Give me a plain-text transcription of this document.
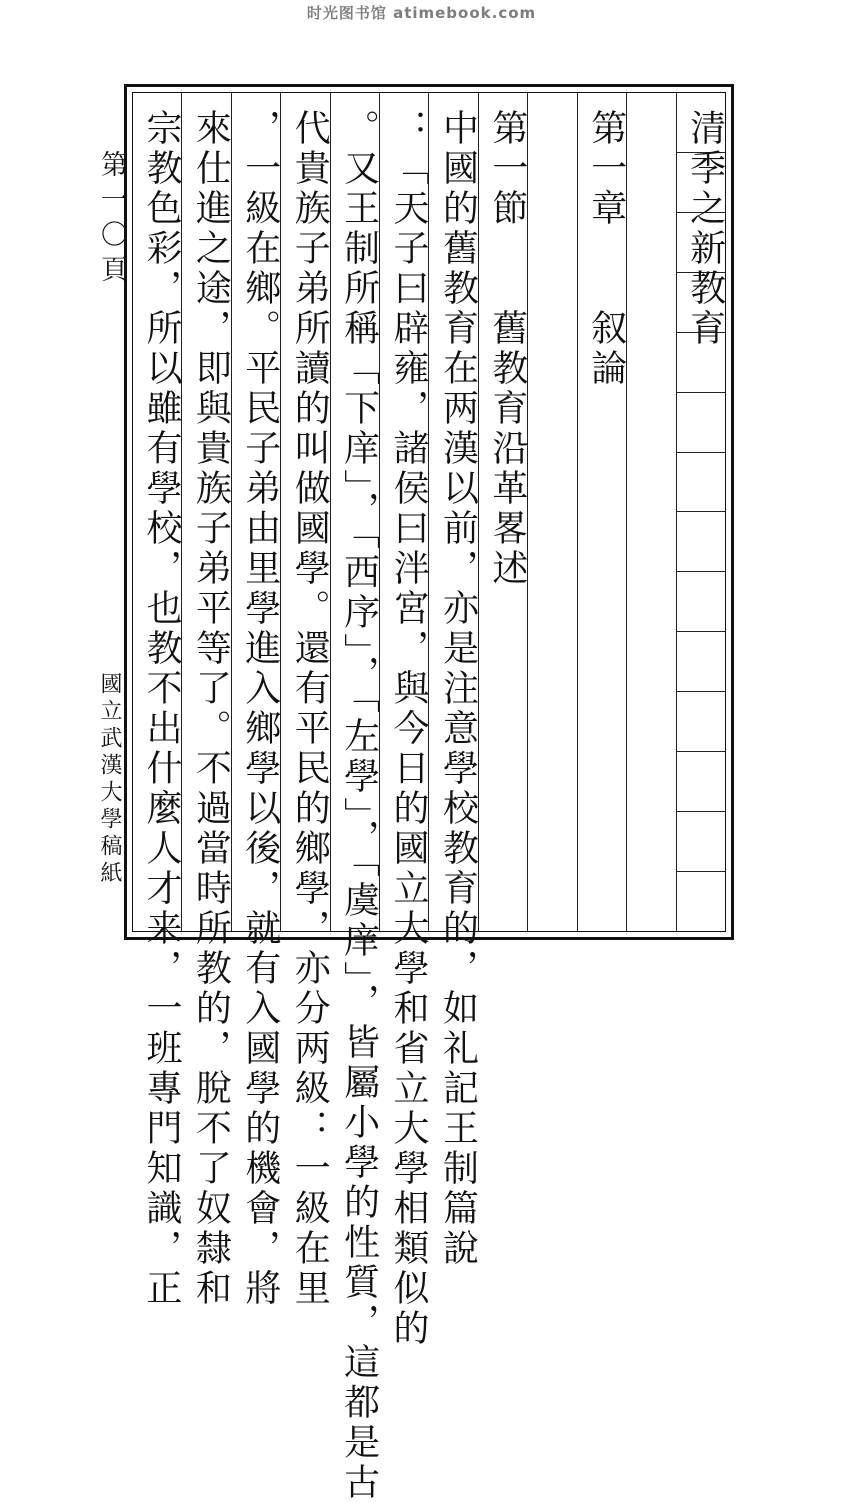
时光图书馆 atimebook.com
第一〇頁
國立武漢大學稿紙
清季之新教育
第一章　　叙論
第一節　　舊教育沿革畧述
中國的舊教育在两漢以前，亦是注意學校教育的，如礼記王制篇說
：「天子曰辟雍，諸侯曰泮宮，與今日的國立大學和省立大學相類似的
。又王制所稱「下庠」，「西序」，「左學」，「虞庠」，皆屬小學的性質，這都是古
代貴族子弟所讀的叫做國學。還有平民的鄉學，亦分两級：一級在里
，一級在鄉。平民子弟由里學進入鄉學以後，就有入國學的機會，將
來仕進之途，即與貴族子弟平等了。不過當時所教的，脫不了奴隸和
宗教色彩，所以雖有學校，也教不出什麼人才来，一班專門知識，正
